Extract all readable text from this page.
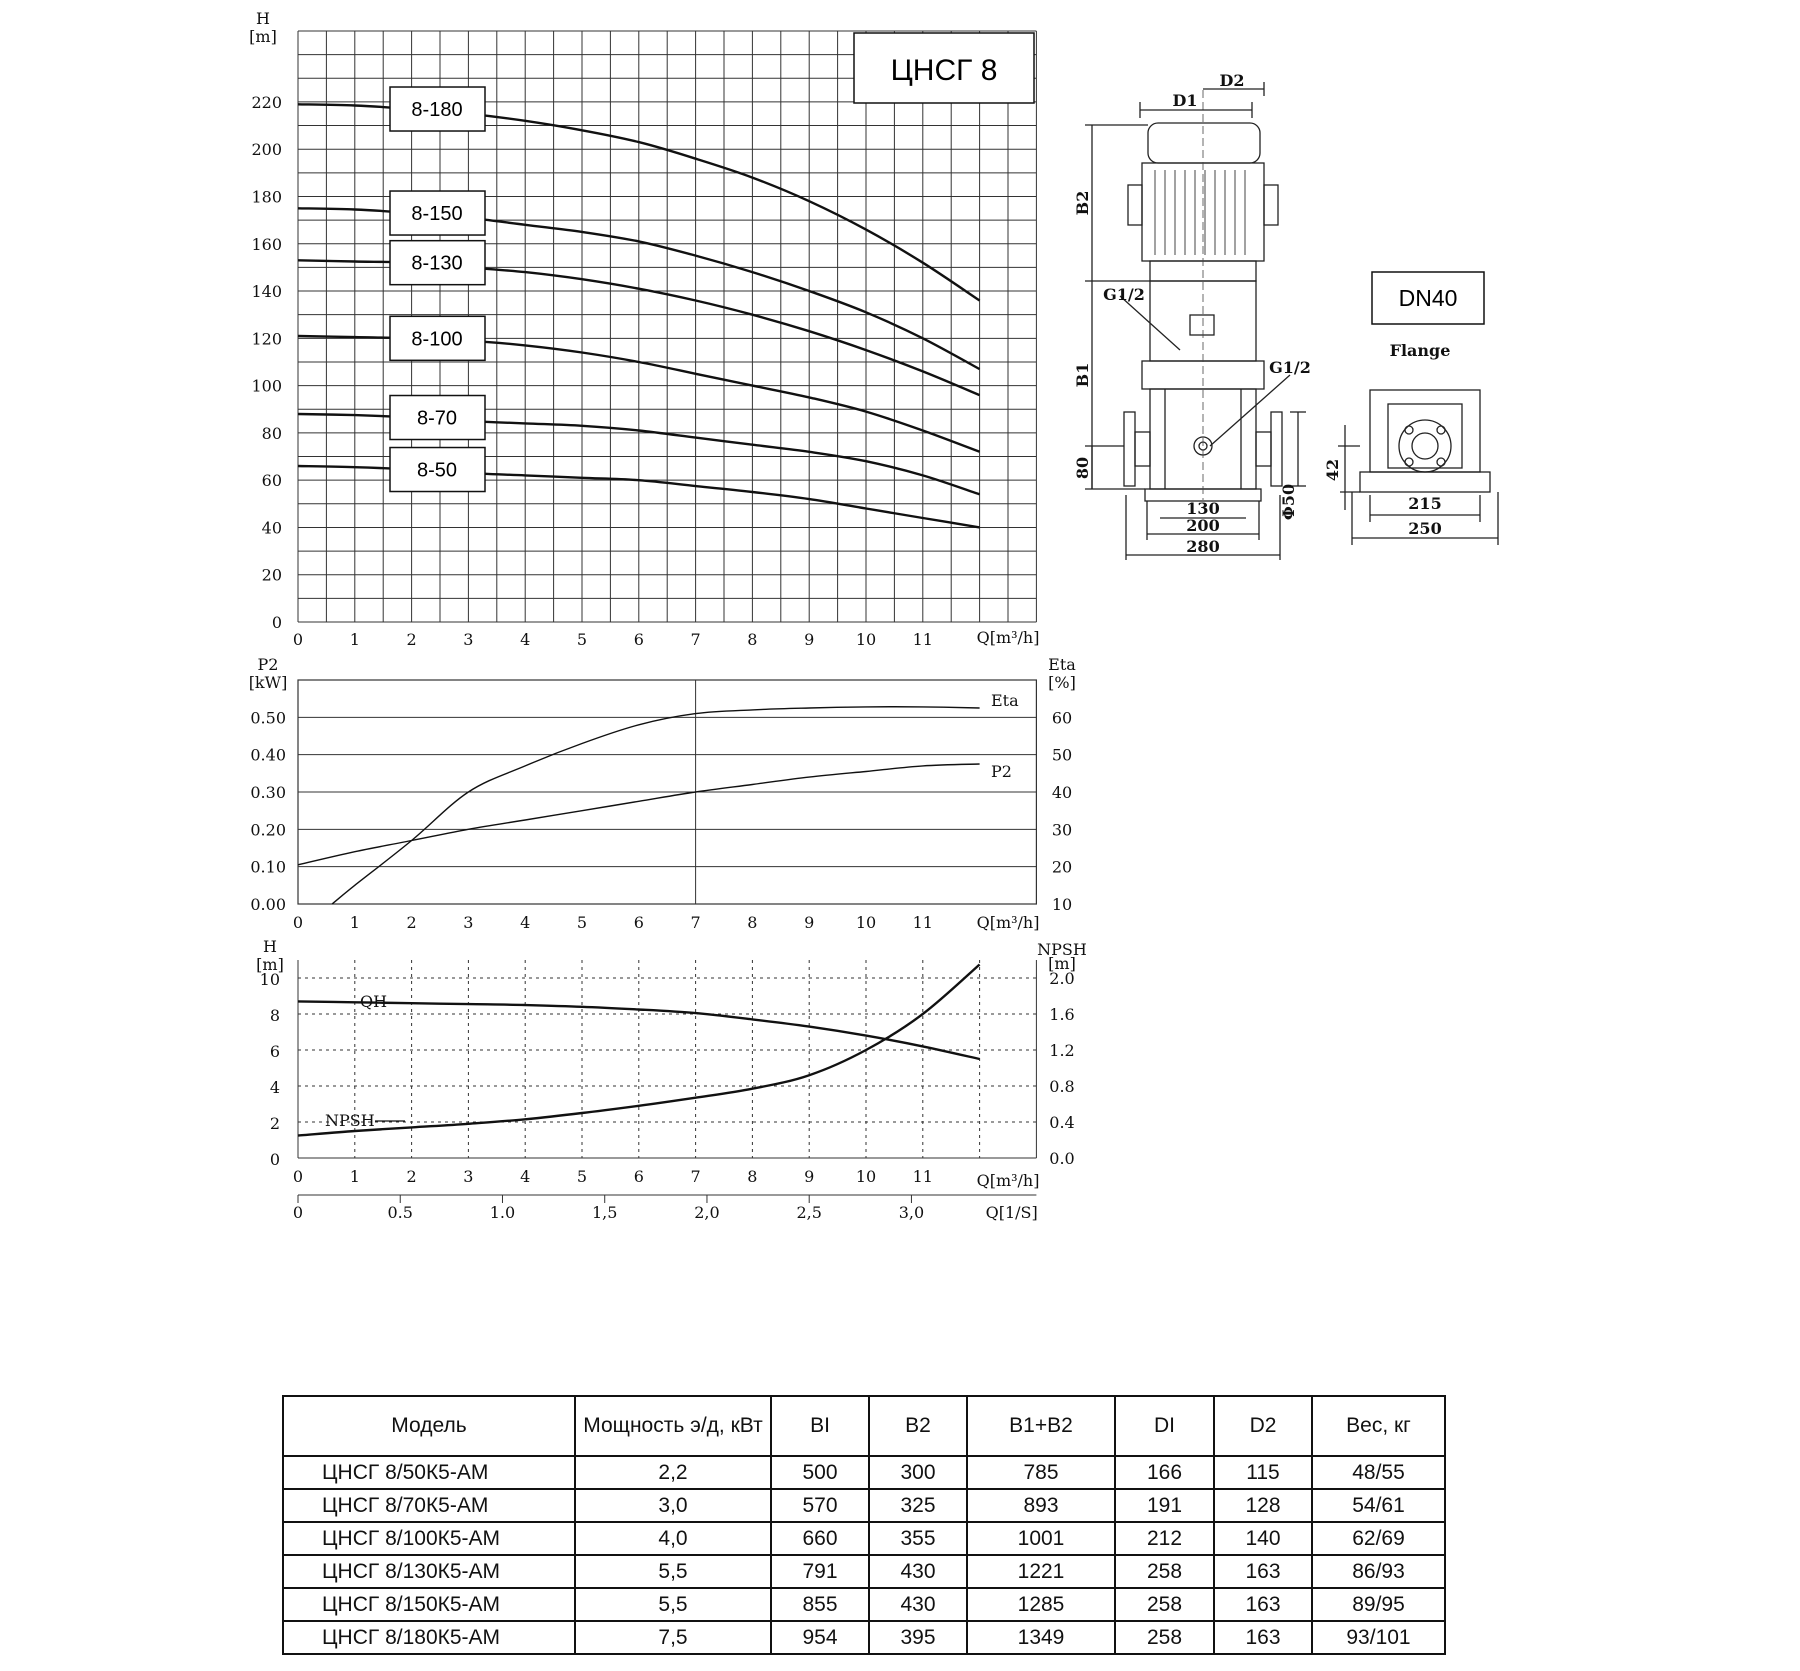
0
20
40
60
80
100
120
140
160
180
200
220
0	1	2	3	4	5	6	7	8	9	10 11
H
[m]
Q[m³/h]
ЦНСГ 8
8-180
8-150
8-130
8-100
8-70
8-50
0.00
0.10
0.20
0.30
0.40
0.50
10
20
30
40
50
60
0	1	2	3	4	5	6	7	8	9	10 11
P2
[kW]
Eta
[%]
Q[m³/h]
Eta
P2
0
2
4
6
8
10
0.0
0.4
0.8
1.2
1.6
2.0
0	1	2	3	4	5	6	7	8	9	10 11
0	0.5	1.0	1,5	2,0	2,5	3,0
H
[m]
NPSH
[m]
Q[m³/h]
Q[1/S]
QH
NPSH
D1
D2
B2
B1
80
G1/2
G1/2
130
200
280
Φ50
DN40
Flange
42
215
250
Модель	Мощность э/д, кВт	BI	B2	B1+B2	DI	D2	Вес, кг
ЦНСГ 8/50К5-АМ	2,2	500	300	785	166	115	48/55
ЦНСГ 8/70К5-АМ	3,0	570	325	893	191	128	54/61
ЦНСГ 8/100К5-АМ	4,0	660	355	1001	212	140	62/69
ЦНСГ 8/130К5-АМ	5,5	791	430	1221	258	163	86/93
ЦНСГ 8/150К5-АМ	5,5	855	430	1285	258	163	89/95
ЦНСГ 8/180К5-АМ	7,5	954	395	1349	258	163	93/101
